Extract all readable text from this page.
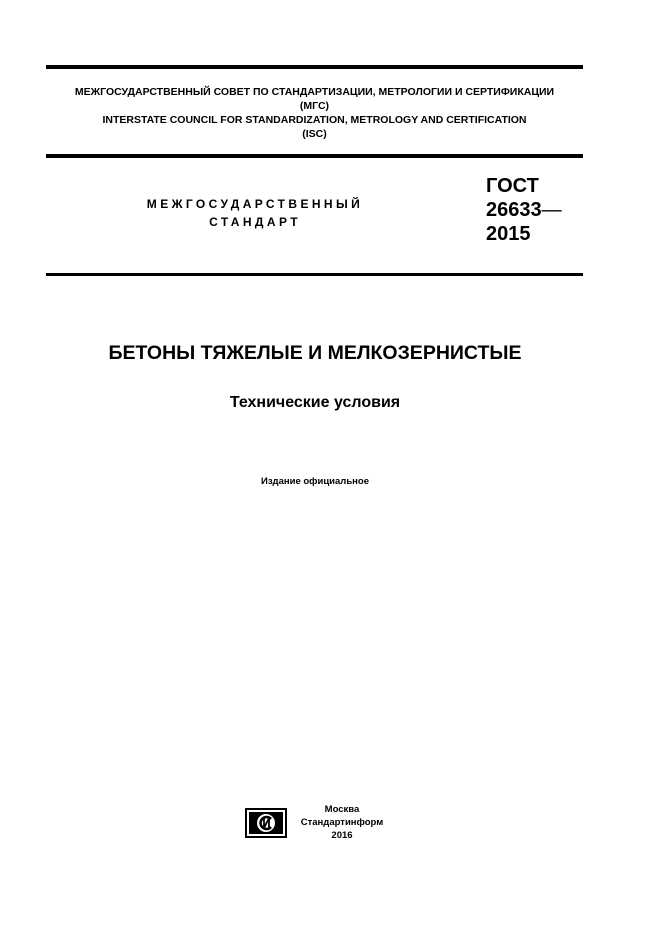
МЕЖГОСУДАРСТВЕННЫЙ СОВЕТ ПО СТАНДАРТИЗАЦИИ, МЕТРОЛОГИИ И СЕРТИФИКАЦИИ
(МГС)
INTERSTATE COUNCIL FOR STANDARDIZATION, METROLOGY AND CERTIFICATION
(ISC)
МЕЖГОСУДАРСТВЕННЫЙ
СТАНДАРТ
ГОСТ
26633—
2015
БЕТОНЫ ТЯЖЕЛЫЕ И МЕЛКОЗЕРНИСТЫЕ
Технические условия
Издание официальное
Москва
Стандартинформ
2016
